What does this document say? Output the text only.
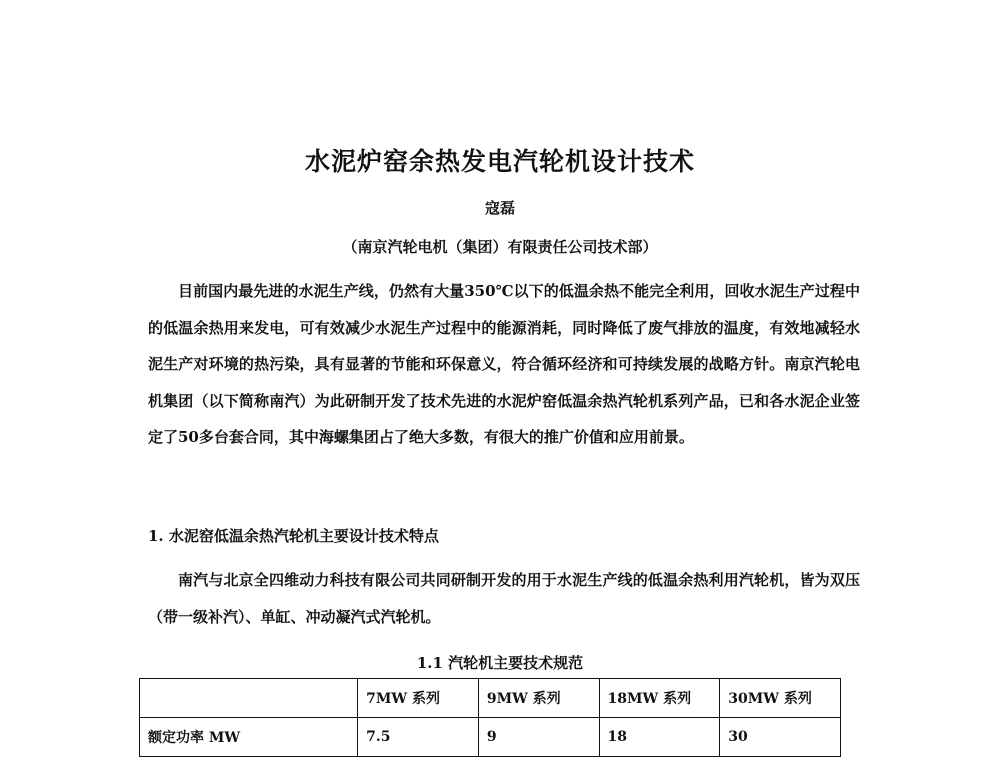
水泥炉窑余热发电汽轮机设计技术
寇磊
（南京汽轮电机（集团）有限责任公司技术部）

目前国内最先进的水泥生产线，仍然有大量350℃以下的低温余热不能完全利用，回收水泥生产过程中的低温余热用来发电，可有效减少水泥生产过程中的能源消耗，同时降低了废气排放的温度，有效地减轻水泥生产对环境的热污染，具有显著的节能和环保意义，符合循环经济和可持续发展的战略方针。南京汽轮电机集团（以下简称南汽）为此研制开发了技术先进的水泥炉窑低温余热汽轮机系列产品，已和各水泥企业签定了50多台套合同，其中海螺集团占了绝大多数，有很大的推广价值和应用前景。

1. 水泥窑低温余热汽轮机主要设计技术特点

南汽与北京全四维动力科技有限公司共同研制开发的用于水泥生产线的低温余热利用汽轮机，皆为双压（带一级补汽）、单缸、冲动凝汽式汽轮机。

1.1 汽轮机主要技术规范
	7MW 系列	9MW 系列	18MW 系列	30MW 系列
额定功率 MW	7.5	9	18	30
